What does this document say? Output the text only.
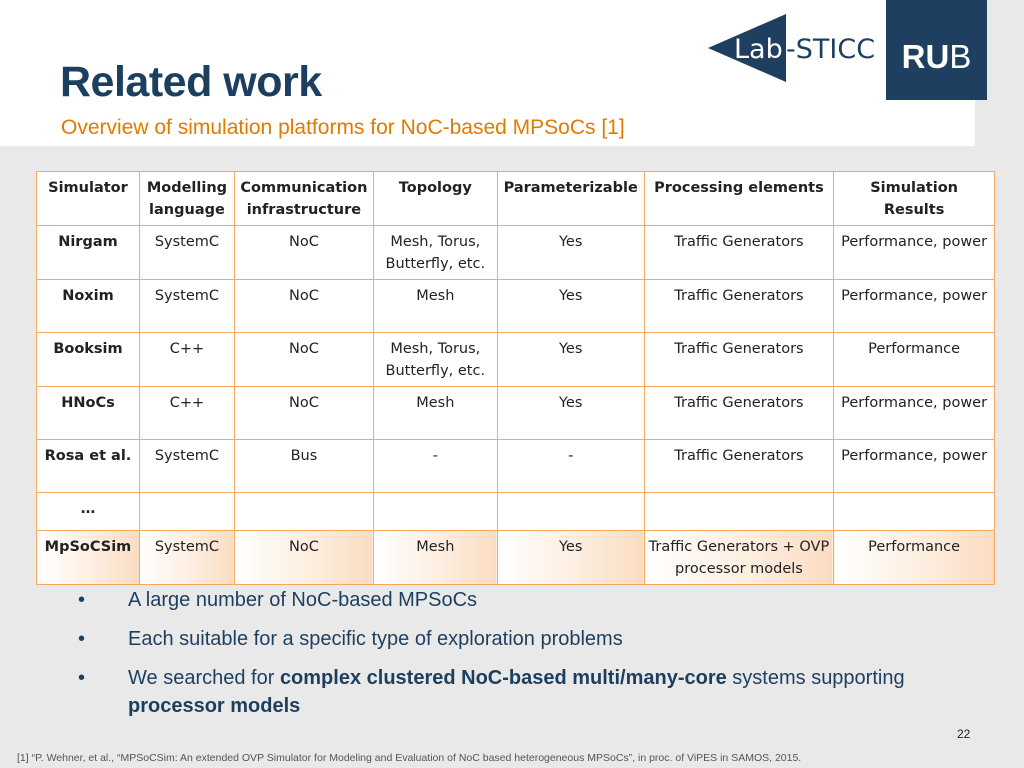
Related work

Overview of simulation platforms for NoC-based MPSoCs [1]

Lab -STICC RUB
Simulator	Modelling language	Communication infrastructure	Topology	Parameterizable	Processing elements	Simulation Results
Nirgam	SystemC	NoC	Mesh, Torus, Butterfly, etc.	Yes	Traffic Generators	Performance, power
Noxim	SystemC	NoC	Mesh	Yes	Traffic Generators	Performance, power
Booksim	C++	NoC	Mesh, Torus, Butterfly, etc.	Yes	Traffic Generators	Performance
HNoCs	C++	NoC	Mesh	Yes	Traffic Generators	Performance, power
Rosa et al.	SystemC	Bus	-	-	Traffic Generators	Performance, power
…						
MpSoCSim	SystemC	NoC	Mesh	Yes	Traffic Generators + OVP processor models	Performance
• A large number of NoC-based MPSoCs
• Each suitable for a specific type of exploration problems
• We searched for complex clustered NoC-based multi/many-core systems supporting processor models
22
[1] “P. Wehner, et al., “MPSoCSim: An extended OVP Simulator for Modeling and Evaluation of NoC based heterogeneous MPSoCs”, in proc. of ViPES in SAMOS, 2015.
